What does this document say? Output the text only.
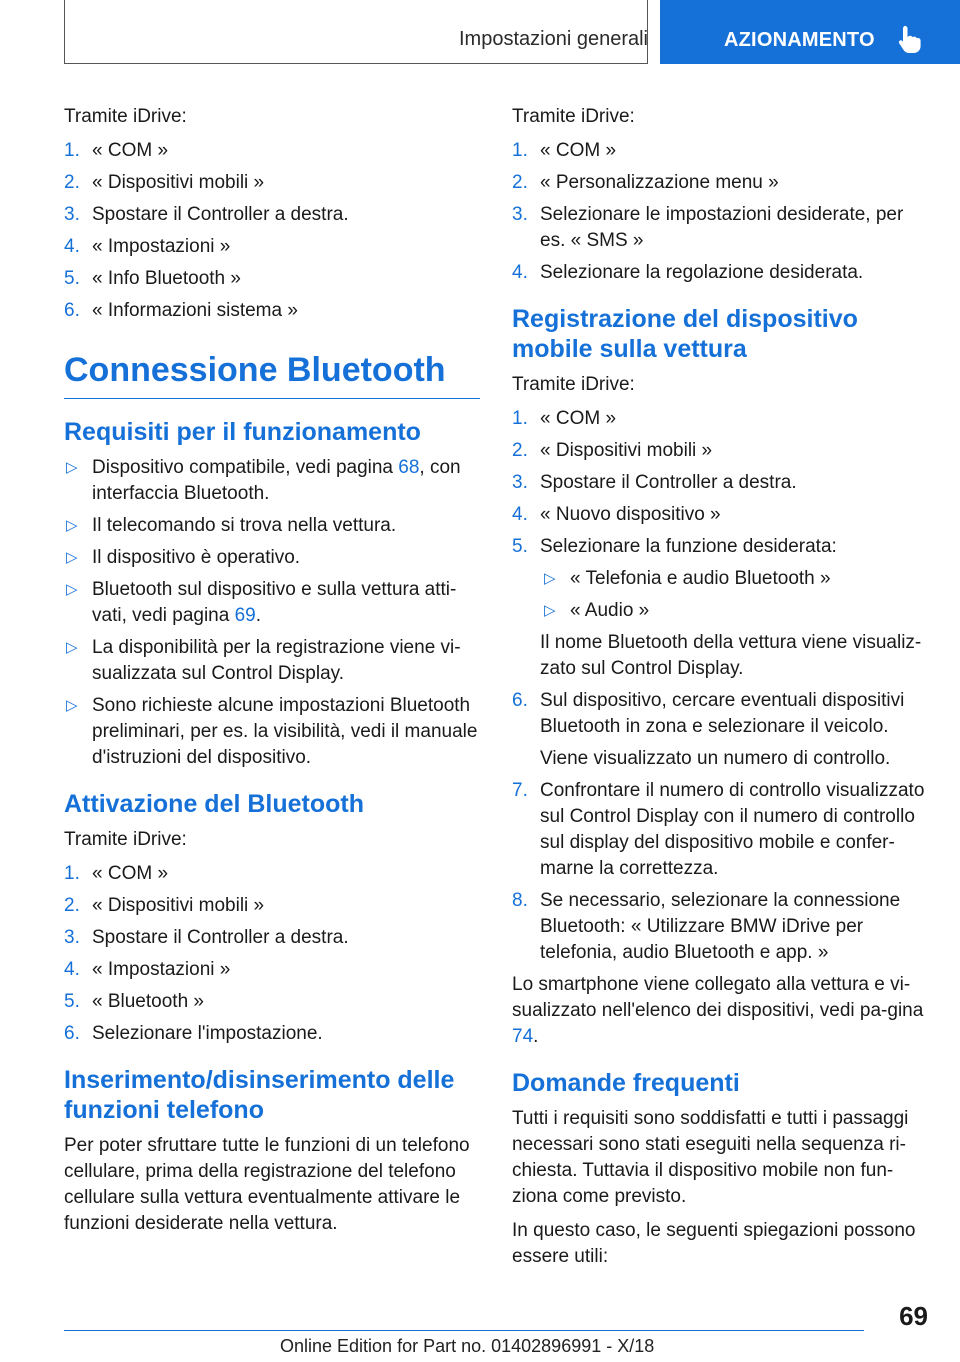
Impostazioni generali	AZIONAMENTO

Tramite iDrive:

1. « COM »
2. « Dispositivi mobili »
3. Spostare il Controller a destra.
4. « Impostazioni »
5. « Info Bluetooth »
6. « Informazioni sistema »
Connessione Bluetooth
Requisiti per il funzionamento
▷ Dispositivo compatibile, vedi pagina 68, con interfaccia Bluetooth.
▷ Il telecomando si trova nella vettura.
▷ Il dispositivo è operativo.
▷ Bluetooth sul dispositivo e sulla vettura atti-vati, vedi pagina 69.
▷ La disponibilità per la registrazione viene vi-sualizzata sul Control Display.
▷ Sono richieste alcune impostazioni Bluetooth preliminari, per es. la visibilità, vedi il manuale d'istruzioni del dispositivo.
Attivazione del Bluetooth

Tramite iDrive:

1. « COM »
2. « Dispositivi mobili »
3. Spostare il Controller a destra.
4. « Impostazioni »
5. « Bluetooth »
6. Selezionare l'impostazione.
Inserimento/disinserimento delle funzioni telefono

Per poter sfruttare tutte le funzioni di un telefono cellulare, prima della registrazione del telefono cellulare sulla vettura eventualmente attivare le funzioni desiderate nella vettura.

Tramite iDrive:

1. « COM »
2. « Personalizzazione menu »
3. Selezionare le impostazioni desiderate, per es. « SMS »
4. Selezionare la regolazione desiderata.
Registrazione del dispositivo mobile sulla vettura

Tramite iDrive:

1. « COM »
2. « Dispositivi mobili »
3. Spostare il Controller a destra.
4. « Nuovo dispositivo »
5. Selezionare la funzione desiderata:
▷ « Telefonia e audio Bluetooth »
▷ « Audio »

Il nome Bluetooth della vettura viene visualiz-zato sul Control Display.

6. Sul dispositivo, cercare eventuali dispositivi Bluetooth in zona e selezionare il veicolo.

Viene visualizzato un numero di controllo.

7. Confrontare il numero di controllo visualizzato sul Control Display con il numero di controllo sul display del dispositivo mobile e confer-marne la correttezza.
8. Se necessario, selezionare la connessione Bluetooth: « Utilizzare BMW iDrive per telefonia, audio Bluetooth e app. »

Lo smartphone viene collegato alla vettura e vi-sualizzato nell'elenco dei dispositivi, vedi pa-gina 74.

Domande frequenti

Tutti i requisiti sono soddisfatti e tutti i passaggi necessari sono stati eseguiti nella sequenza ri-chiesta. Tuttavia il dispositivo mobile non fun-ziona come previsto.

In questo caso, le seguenti spiegazioni possono essere utili:

69
Online Edition for Part no. 01402896991 - X/18
